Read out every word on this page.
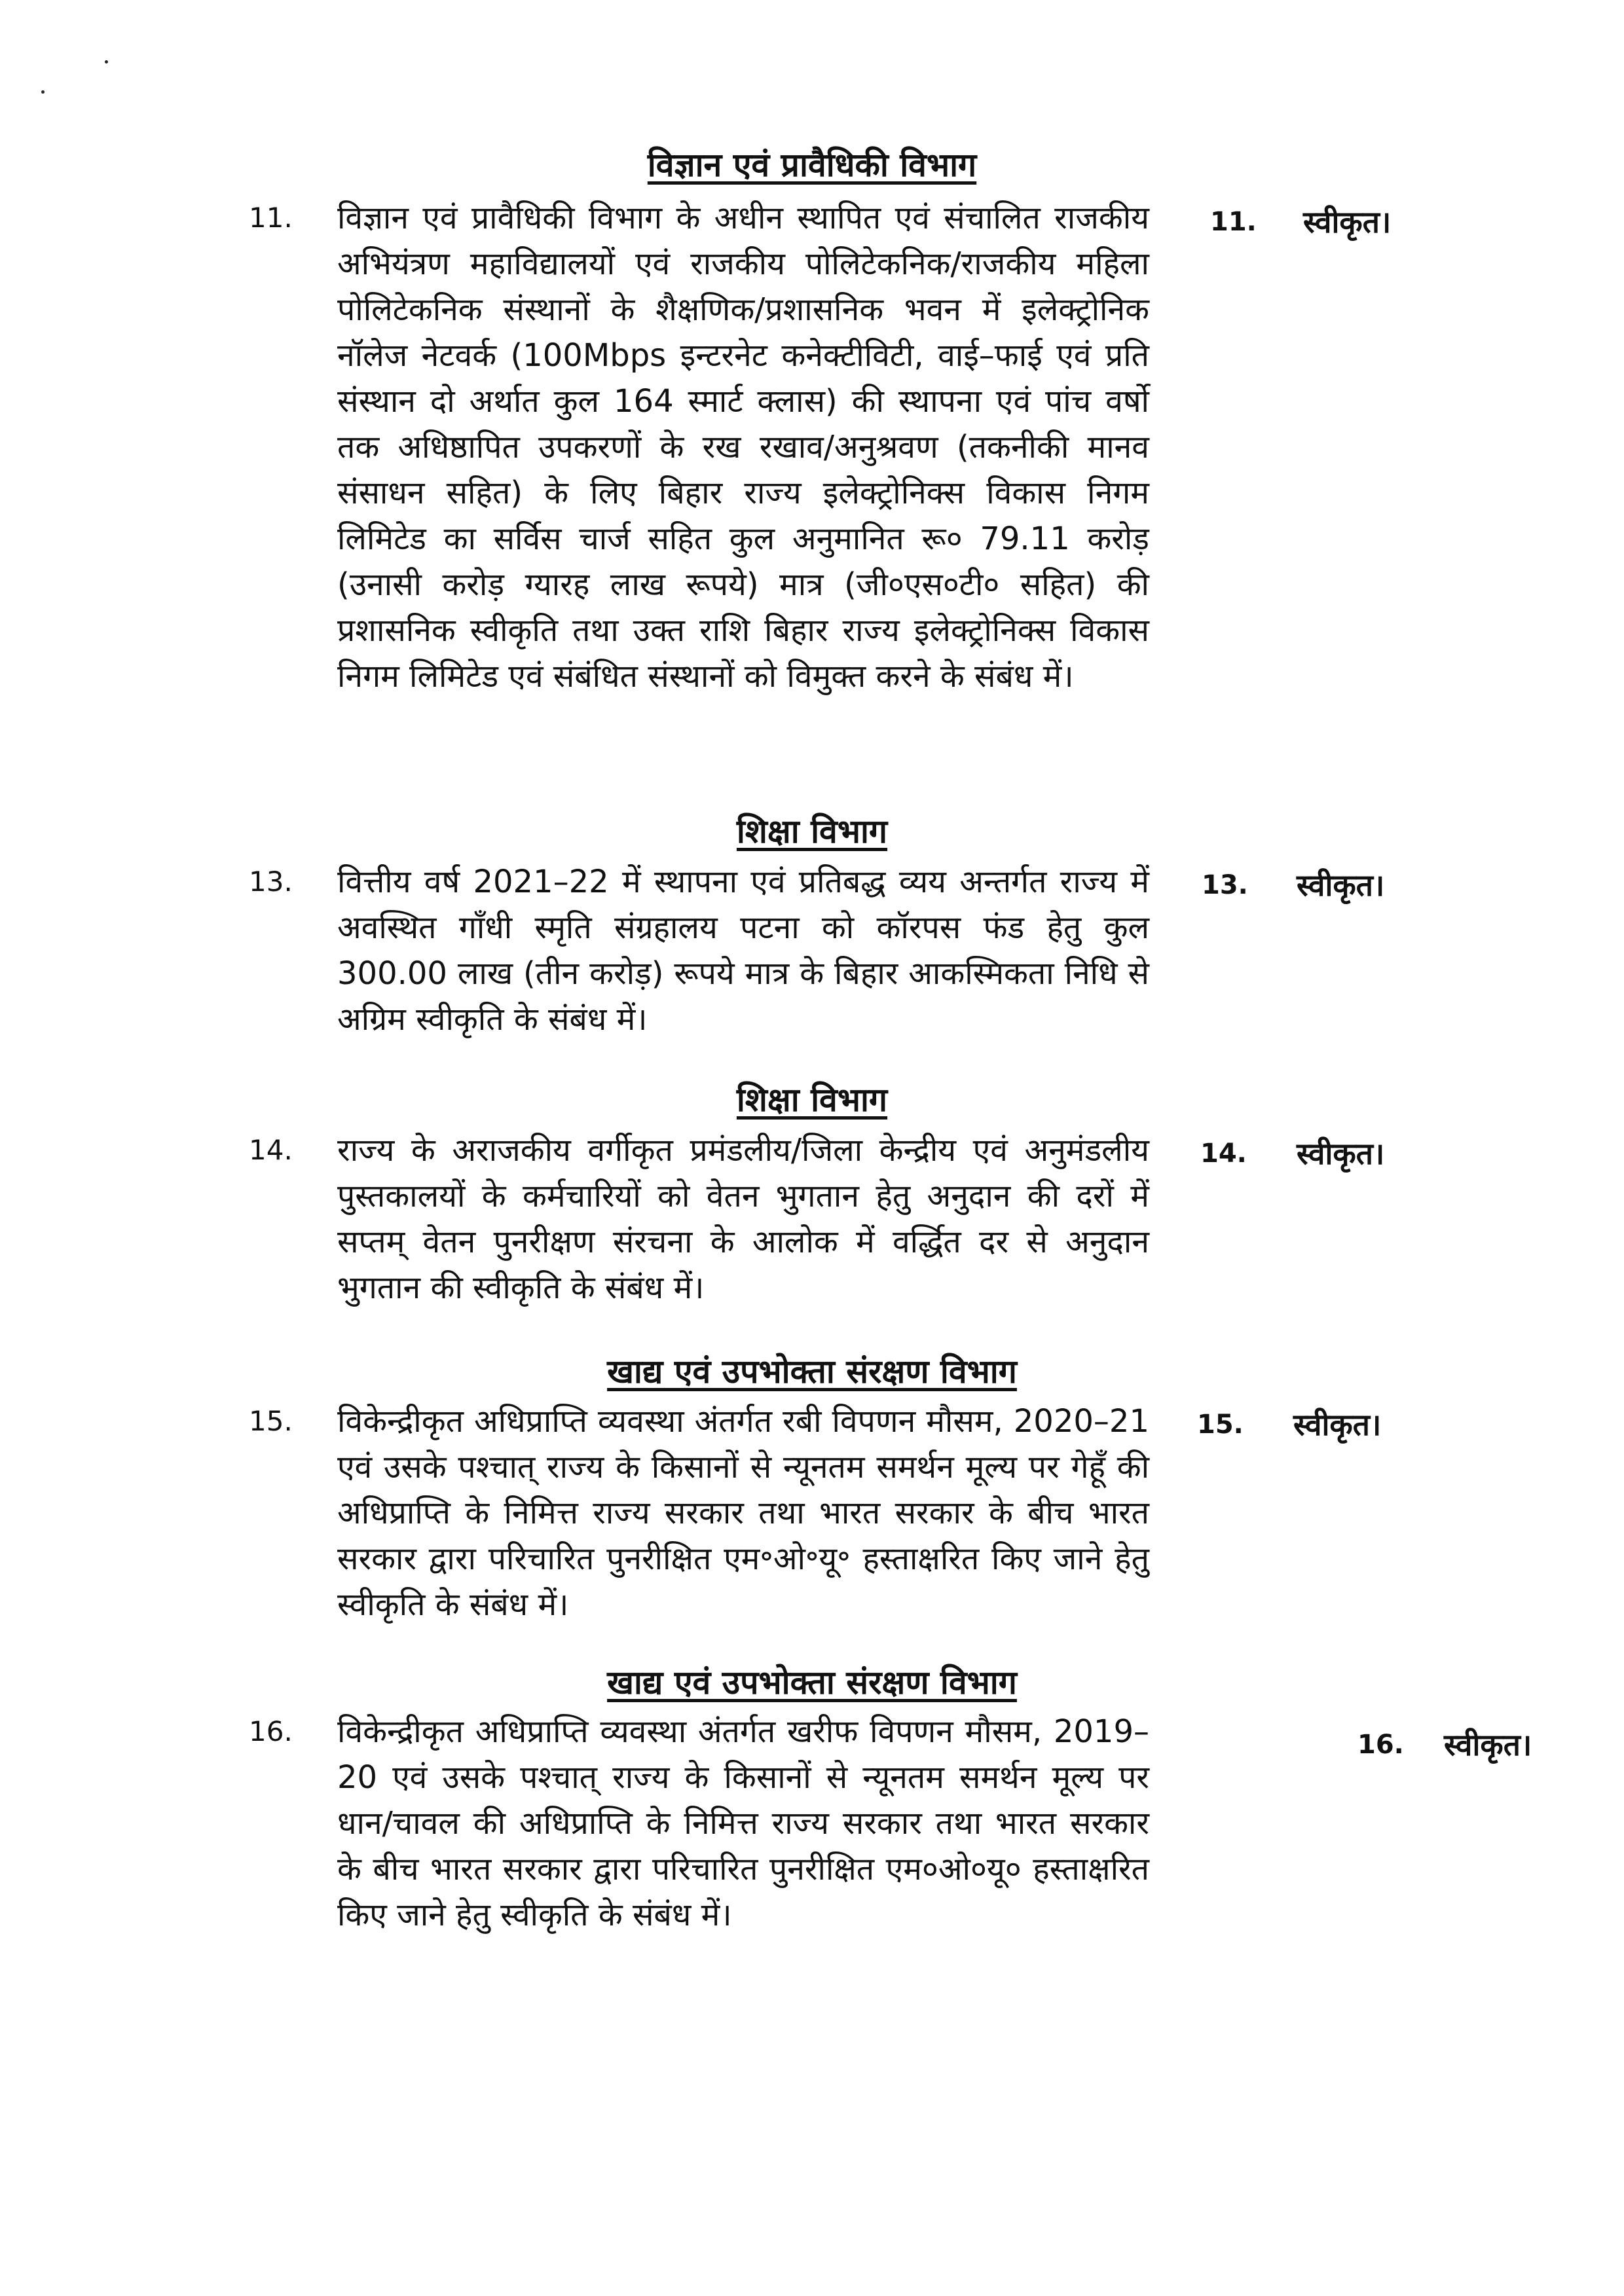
विज्ञान एवं प्रावैधिकी विभाग
11. विज्ञान एवं प्रावैधिकी विभाग के अधीन स्थापित एवं संचालित राजकीय अभियंत्रण महाविद्यालयों एवं राजकीय पोलिटेकनिक/राजकीय महिला पोलिटेकनिक संस्थानों के शैक्षणिक/प्रशासनिक भवन में इलेक्ट्रोनिक नॉलेज नेटवर्क (100Mbps इन्टरनेट कनेक्टीविटी, वाई–फाई एवं प्रति संस्थान दो अर्थात कुल 164 स्मार्ट क्लास) की स्थापना एवं पांच वर्षो तक अधिष्ठापित उपकरणों के रख रखाव/अनुश्रवण (तकनीकी मानव संसाधन सहित) के लिए बिहार राज्य इलेक्ट्रोनिक्स विकास निगम लिमिटेड का सर्विस चार्ज सहित कुल अनुमानित रू० 79.11 करोड़ (उनासी करोड़ ग्यारह लाख रूपये) मात्र (जी०एस०टी० सहित) की प्रशासनिक स्वीकृति तथा उक्त राशि बिहार राज्य इलेक्ट्रोनिक्स विकास निगम लिमिटेड एवं संबंधित संस्थानों को विमुक्त करने के संबंध में।
11. स्वीकृत।
शिक्षा विभाग
13. वित्तीय वर्ष 2021–22 में स्थापना एवं प्रतिबद्ध व्यय अन्तर्गत राज्य में अवस्थित गाँधी स्मृति संग्रहालय पटना को कॉरपस फंड हेतु कुल 300.00 लाख (तीन करोड़) रूपये मात्र के बिहार आकस्मिकता निधि से अग्रिम स्वीकृति के संबंध में।
13. स्वीकृत।
शिक्षा विभाग
14. राज्य के अराजकीय वर्गीकृत प्रमंडलीय/जिला केन्द्रीय एवं अनुमंडलीय पुस्तकालयों के कर्मचारियों को वेतन भुगतान हेतु अनुदान की दरों में सप्तम् वेतन पुनरीक्षण संरचना के आलोक में वर्द्धित दर से अनुदान भुगतान की स्वीकृति के संबंध में।
14. स्वीकृत।
खाद्य एवं उपभोक्ता संरक्षण विभाग
15. विकेन्द्रीकृत अधिप्राप्ति व्यवस्था अंतर्गत रबी विपणन मौसम, 2020–21 एवं उसके पश्चात् राज्य के किसानों से न्यूनतम समर्थन मूल्य पर गेहूँ की अधिप्राप्ति के निमित्त राज्य सरकार तथा भारत सरकार के बीच भारत सरकार द्वारा परिचारित पुनरीक्षित एम॰ओ॰यू॰ हस्ताक्षरित किए जाने हेतु स्वीकृति के संबंध में।
15. स्वीकृत।
खाद्य एवं उपभोक्ता संरक्षण विभाग
16. विकेन्द्रीकृत अधिप्राप्ति व्यवस्था अंतर्गत खरीफ विपणन मौसम, 2019–20 एवं उसके पश्चात् राज्य के किसानों से न्यूनतम समर्थन मूल्य पर धान/चावल की अधिप्राप्ति के निमित्त राज्य सरकार तथा भारत सरकार के बीच भारत सरकार द्वारा परिचारित पुनरीक्षित एम०ओ०यू० हस्ताक्षरित किए जाने हेतु स्वीकृति के संबंध में।
16. स्वीकृत।
